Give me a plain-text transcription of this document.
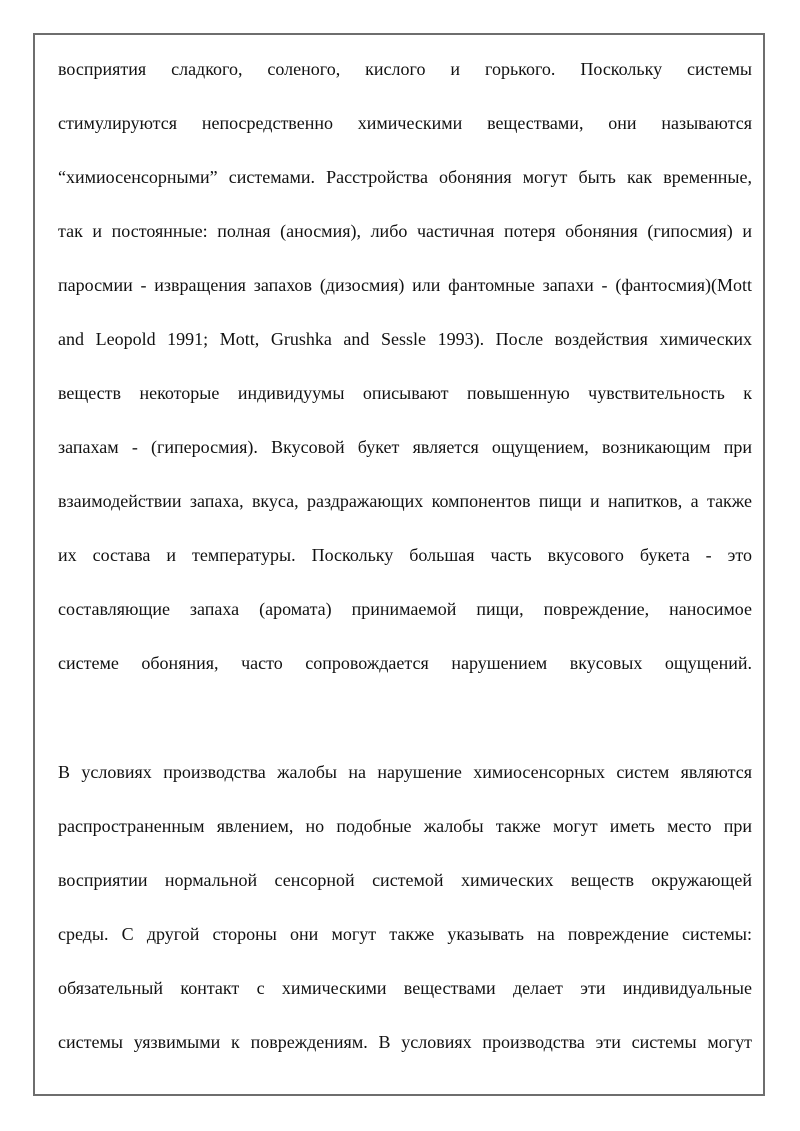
восприятия сладкого, соленого, кислого и горького. Поскольку системы
стимулируются непосредственно химическими веществами, они называются
“химиосенсорными” системами. Расстройства обоняния могут быть как временные,
так и постоянные: полная (аносмия), либо частичная потеря обоняния (гипосмия) и
паросмии - извращения запахов (дизосмия) или фантомные запахи - (фантосмия)(Mott
and Leopold 1991; Mott, Grushka and Sessle 1993). После воздействия химических
веществ некоторые индивидуумы описывают повышенную чувствительность к
запахам - (гиперосмия). Вкусовой букет является ощущением, возникающим при
взаимодействии запаха, вкуса, раздражающих компонентов пищи и напитков, а также
их состава и температуры. Поскольку большая часть вкусового букета - это
составляющие запаха (аромата) принимаемой пищи, повреждение, наносимое
системе обоняния, часто сопровождается нарушением вкусовых ощущений.
В условиях производства жалобы на нарушение химиосенсорных систем являются
распространенным явлением, но подобные жалобы также могут иметь место при
восприятии нормальной сенсорной системой химических веществ окружающей
среды. С другой стороны они могут также указывать на повреждение системы:
обязательный контакт с химическими веществами делает эти индивидуальные
системы уязвимыми к повреждениям. В условиях производства эти системы могут
